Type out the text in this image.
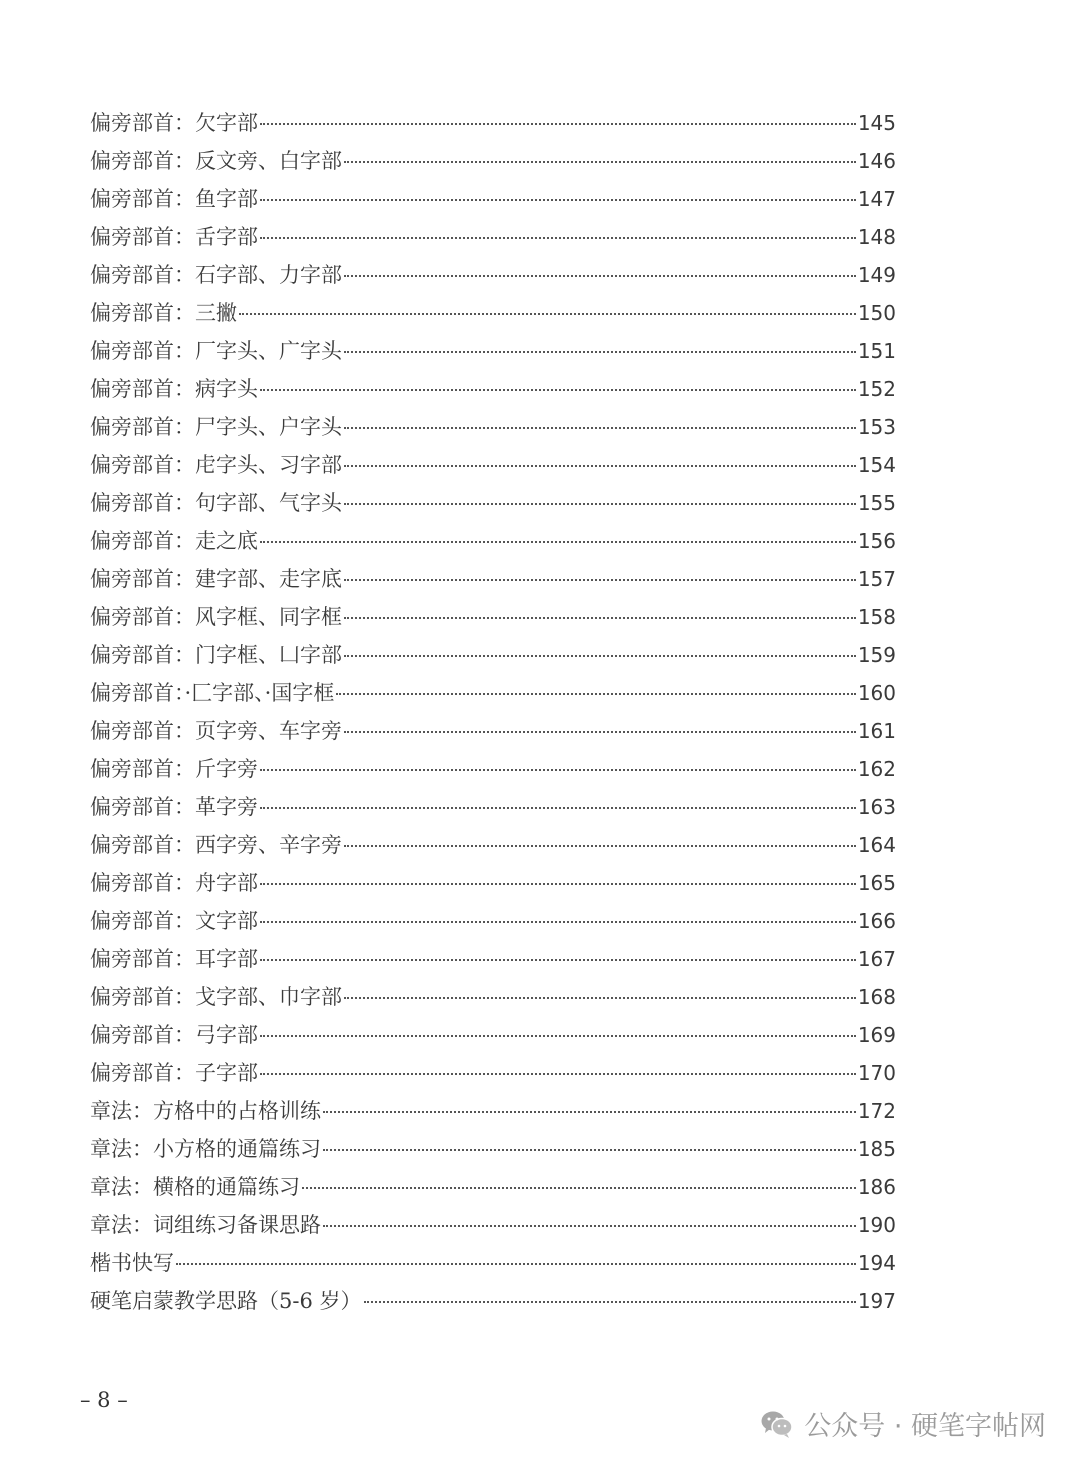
偏旁部首：欠字部	145
偏旁部首：反文旁、白字部	146
偏旁部首：鱼字部	147
偏旁部首：舌字部	148
偏旁部首：石字部、力字部	149
偏旁部首：三撇	150
偏旁部首：厂字头、广字头	151
偏旁部首：病字头	152
偏旁部首：尸字头、户字头	153
偏旁部首：虍字头、习字部	154
偏旁部首：句字部、气字头	155
偏旁部首：走之底	156
偏旁部首：建字部、走字底	157
偏旁部首：风字框、同字框	158
偏旁部首：门字框、凵字部	159
偏旁部首：·匚字部、·国字框	160
偏旁部首：页字旁、车字旁	161
偏旁部首：斤字旁	162
偏旁部首：革字旁	163
偏旁部首：西字旁、辛字旁	164
偏旁部首：舟字部	165
偏旁部首：文字部	166
偏旁部首：耳字部	167
偏旁部首：戈字部、巾字部	168
偏旁部首：弓字部	169
偏旁部首：子字部	170
章法：方格中的占格训练	172
章法：小方格的通篇练习	185
章法：横格的通篇练习	186
章法：词组练习备课思路	190
楷书快写	194
硬笔启蒙教学思路（5-6 岁）	197
– 8 –
公众号 · 硬笔字帖网
